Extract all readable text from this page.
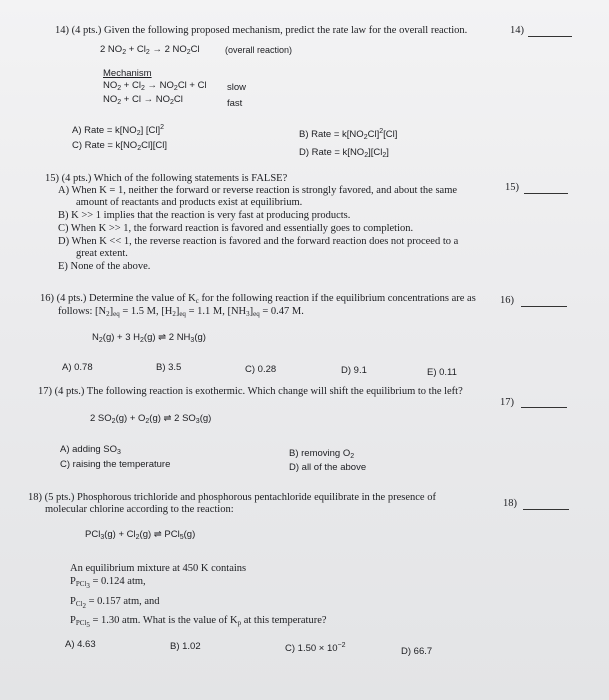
14) (4 pts.) Given the following proposed mechanism, predict the rate law for the overall reaction.	14)
2 $NO_2 + Cl_2 \to 2$ $NO_2Cl$	(overall reaction)
Mechanism
$NO_2 + Cl_2 \to NO_2Cl + Cl$ slow
$NO_2 + Cl \to NO_2Cl$	fast
A) Rate = $k[NO_2]$ $[Cl]^2$
B) Rate = $k[NO_2Cl]^2[Cl]$
C) Rate = $k[NO_2Cl][Cl]$
D) Rate = $k[NO_2][Cl_2]$
15) (4 pts.) Which of the following statements is FALSE?
15)
A) When K = 1, neither the forward or reverse reaction is strongly favored, and about the same
amount of reactants and products exist at equilibrium.
B) K >> 1 implies that the reaction is very fast at producing products.
C) When K >> 1, the forward reaction is favored and essentially goes to completion.
D) When K << 1, the reverse reaction is favored and the forward reaction does not proceed to a
great extent.
E) None of the above.
16) (4 pts.) Determine the value of $K_c$ for the following reaction if the equilibrium concentrations are as 16)
follows: $[N_2]_{eq} = 1.5$ M, $[H_2]_{eq} = 1.1$ M, $[NH_3]_{eq} = 0.47$ M.
$N_2(g) + 3$ $H_2(g)$ ⇌ 2 $NH_3(g)$
A) 0.78	B) 3.5	C) 0.28	D) 9.1	E) 0.11
17) (4 pts.) The following reaction is exothermic. Which change will shift the equilibrium to the left?
17)
2 $SO_2(g) + O_2(g)$ ⇌ 2 $SO_3(g)$
A) adding $SO_3$	B) removing $O_2$
C) raising the temperature	D) all of the above
18) (5 pts.) Phosphorous trichloride and phosphorous pentachloride equilibrate in the presence of
18)
molecular chlorine according to the reaction:
$PCl_3(g) + Cl_2(g)$ ⇌ PCl$_5$(g)
An equilibrium mixture at 450 K contains
$P_{PCl_3} = 0.124$ atm,
$P_{Cl_2} = 0.157$ atm, and
$P_{PCl_5} = 1.30$ atm. What is the value of $K_p$ at this temperature?
A) 4.63	B) 1.02	C) $1.50 \times 10^{-2}$
D) 66.7
